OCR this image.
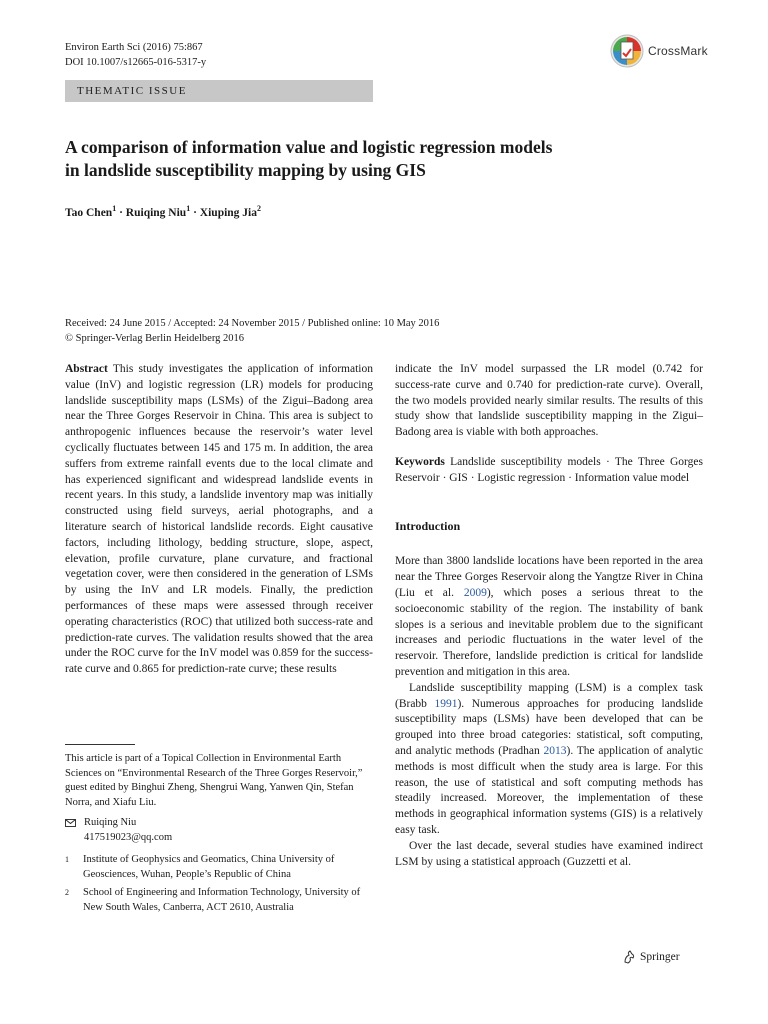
Environ Earth Sci (2016) 75:867
DOI 10.1007/s12665-016-5317-y
CrossMark
THEMATIC ISSUE
A comparison of information value and logistic regression models
in landslide susceptibility mapping by using GIS
Tao Chen$^1$ · Ruiqing Niu$^1$ · Xiuping Jia$^2$
Received: 24 June 2015 / Accepted: 24 November 2015 / Published online: 10 May 2016
© Springer-Verlag Berlin Heidelberg 2016

Abstract This study investigates the application of information value (InV) and logistic regression (LR) models for producing landslide susceptibility maps (LSMs) of the Zigui–Badong area near the Three Gorges Reservoir in China. This area is subject to anthropogenic influences because the reservoir’s water level cyclically fluctuates between 145 and 175 m. In addition, the area suffers from extreme rainfall events due to the local climate and has experienced significant and widespread landslide events in recent years. In this study, a landslide inventory map was initially constructed using field surveys, aerial photographs, and a literature search of historical landslide records. Eight causative factors, including lithology, bedding structure, slope, aspect, elevation, profile curvature, plane curvature, and fractional vegetation cover, were then considered in the generation of LSMs by using the InV and LR models. Finally, the prediction performances of these maps were assessed through receiver operating characteristics (ROC) that utilized both success-rate and prediction-rate curves. The validation results showed that the area under the ROC curve for the InV model was 0.859 for the success-rate curve and 0.865 for prediction-rate curve; these results

indicate the InV model surpassed the LR model (0.742 for success-rate curve and 0.740 for prediction-rate curve). Overall, the two models provided nearly similar results. The results of this study show that landslide susceptibility mapping in the Zigui–Badong area is viable with both approaches.

Keywords Landslide susceptibility models · The Three Gorges Reservoir · GIS · Logistic regression · Information value model

Introduction

More than 3800 landslide locations have been reported in the area near the Three Gorges Reservoir along the Yangtze River in China (Liu et al. 2009), which poses a serious threat to the socioeconomic stability of the region. The instability of bank slopes is a serious and inevitable problem due to the significant increases and periodic fluctuations in the water level of the reservoir. Therefore, landslide prediction is critical for landslide prevention and mitigation in this area.

Landslide susceptibility mapping (LSM) is a complex task (Brabb 1991). Numerous approaches for producing landslide susceptibility maps (LSMs) have been developed that can be grouped into three broad categories: statistical, soft computing, and analytic methods (Pradhan 2013). The application of analytic methods is most difficult when the study area is large. For this reason, the use of statistical and soft computing methods has steadily increased. Moreover, the implementation of these methods in geographical information systems (GIS) is a relatively easy task.

Over the last decade, several studies have examined indirect LSM by using a statistical approach (Guzzetti et al.

This article is part of a Topical Collection in Environmental Earth Sciences on “Environmental Research of the Three Gorges Reservoir,” guest edited by Binghui Zheng, Shengrui Wang, Yanwen Qin, Stefan Norra, and Xiafu Liu.
Ruiqing Niu
417519023@qq.com
1	Institute of Geophysics and Geomatics, China University of Geosciences, Wuhan, People’s Republic of China
2	School of Engineering and Information Technology, University of New South Wales, Canberra, ACT 2610, Australia
Springer
